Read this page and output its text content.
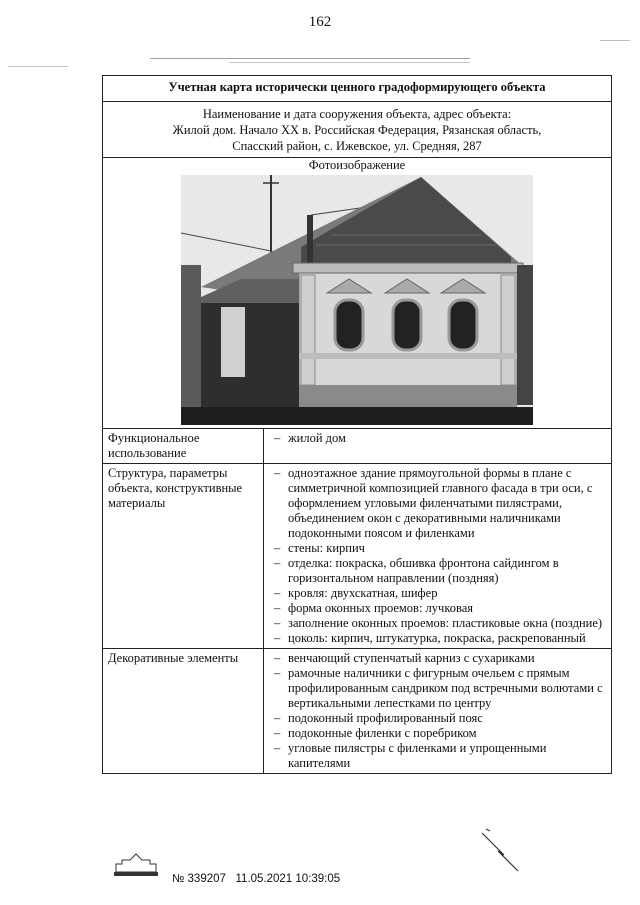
162
Учетная карта исторически ценного градоформирующего объекта
Наименование и дата сооружения объекта, адрес объекта:
Жилой дом. Начало XX в. Российская Федерация, Рязанская область,
Спасский район, с. Ижевское, ул. Средняя, 287
Фотоизображение
Функциональное использование
– жилой дом
Структура, параметры объекта, конструктивные материалы
– одноэтажное здание прямоугольной формы в плане с симметричной композицией главного фасада в три оси, с оформлением угловыми филенчатыми пилястрами, объединением окон с декоративными наличниками подоконными поясом и филенками
– стены: кирпич
– отделка: покраска, обшивка фронтона сайдингом в горизонтальном направлении (поздняя)
– кровля: двухскатная, шифер
– форма оконных проемов: лучковая
– заполнение оконных проемов: пластиковые окна (поздние)
– цоколь: кирпич, штукатурка, покраска, раскрепованный
Декоративные элементы
–	венчающий ступенчатый карниз с сухариками
– рамочные наличники с фигурным очельем с прямым профилированным сандриком под встречными волютами с вертикальными лепестками по центру
– подоконный профилированный пояс
– подоконные филенки с поребриком
– угловые пилястры с филенками и упрощенными капителями
№ 339207 11.05.2021 10:39:05
